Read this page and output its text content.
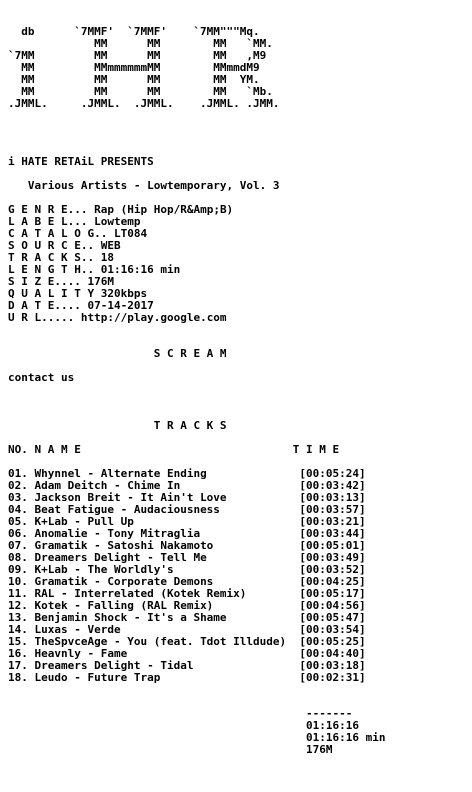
db      `7MMF'  `7MMF'    `7MM"""Mq.
MM      MM        MM   `MM.
`7MM         MM      MM        MM   ,M9
MM         MMmmmmmmMM        MMmmdM9
MM         MM      MM        MM  YM.
MM         MM      MM        MM   `Mb.
.JMML.     .JMML.  .JMML.    .JMML. .JMM.
i HATE RETAiL PRESENTS
Various Artists - Lowtemporary, Vol. 3
G E N R E... Rap (Hip Hop/R&Amp;B)
L A B E L... Lowtemp
C A T A L O G.. LT084
S O U R C E.. WEB
T R A C K S.. 18
L E N G T H.. 01:16:16 min
S I Z E.... 176M
Q U A L I T Y 320kbps
D A T E.... 07-14-2017
U R L..... http://play.google.com
S C R E A M
contact us
T R A C K S
NO. N A M E	T I M E
01. Whynnel - Alternate Ending	[00:05:24]
02. Adam Deitch - Chime In	[00:03:42]
03. Jackson Breit - It Ain't Love	[00:03:13]
04. Beat Fatigue - Audaciousness	[00:03:57]
05. K+Lab - Pull Up	[00:03:21]
06. Anomalie - Tony Mitraglia	[00:03:44]
07. Gramatik - Satoshi Nakamoto	[00:05:01]
08. Dreamers Delight - Tell Me	[00:03:49]
09. K+Lab - The Worldly's	[00:03:52]
10. Gramatik - Corporate Demons	[00:04:25]
11. RAL - Interrelated (Kotek Remix)	[00:05:17]
12. Kotek - Falling (RAL Remix)	[00:04:56]
13. Benjamin Shock - It's a Shame	[00:05:47]
14. Luxas - Verde	[00:03:54]
15. TheSpvceAge - You (feat. Tdot Illdude) [00:05:25]
16. Heavnly - Fame	[00:04:40]
17. Dreamers Delight - Tidal	[00:03:18]
18. Leudo - Future Trap	[00:02:31]
-------
01:16:16
01:16:16 min
176M
